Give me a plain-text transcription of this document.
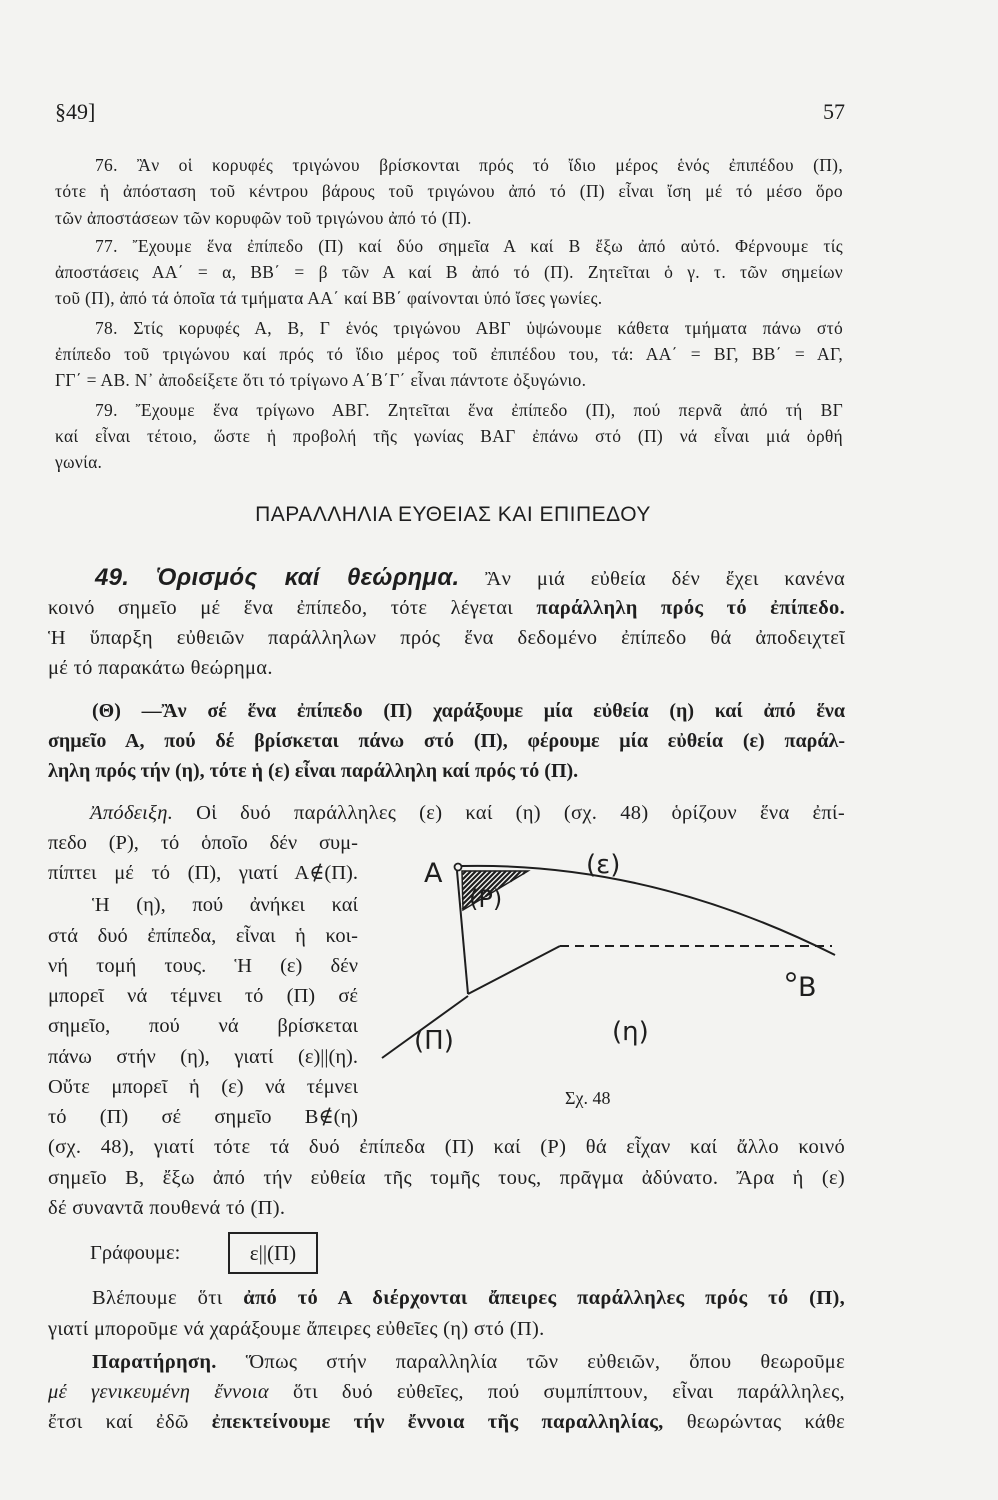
§49]	57
76. Ἂν οἱ κορυφές τριγώνου βρίσκονται πρός τό ἴδιο μέρος ἑνός ἐπιπέδου (Π),
τότε ἡ ἀπόσταση τοῦ κέντρου βάρους τοῦ τριγώνου ἀπό τό (Π) εἶναι ἴση μέ τό μέσο ὅρο
τῶν ἀποστάσεων τῶν κορυφῶν τοῦ τριγώνου ἀπό τό (Π).
77. Ἔχουμε ἕνα ἐπίπεδο (Π) καί δύο σημεῖα Α καί Β ἔξω ἀπό αὐτό. Φέρνουμε τίς
ἀποστάσεις ΑΑ΄ = α, ΒΒ΄ = β τῶν Α καί Β ἀπό τό (Π). Ζητεῖται ὁ γ. τ. τῶν σημείων
τοῦ (Π), ἀπό τά ὁποῖα τά τμήματα ΑΑ΄ καί ΒΒ΄ φαίνονται ὑπό ἴσες γωνίες.
78. Στίς κορυφές Α, Β, Γ ἑνός τριγώνου ΑΒΓ ὑψώνουμε κάθετα τμήματα πάνω στό
ἐπίπεδο τοῦ τριγώνου καί πρός τό ἴδιο μέρος τοῦ ἐπιπέδου του, τά: ΑΑ΄ = ΒΓ, ΒΒ΄ = ΑΓ,
ΓΓ΄ = ΑΒ. Ν᾿ ἀποδείξετε ὅτι τό τρίγωνο Α΄Β΄Γ΄ εἶναι πάντοτε ὀξυγώνιο.
79. Ἔχουμε ἕνα τρίγωνο ΑΒΓ. Ζητεῖται ἕνα ἐπίπεδο (Π), πού περνᾶ ἀπό τή ΒΓ
καί εἶναι τέτοιο, ὥστε ἡ προβολή τῆς γωνίας ΒΑΓ ἐπάνω στό (Π) νά εἶναι μιά ὀρθή
γωνία.
ΠΑΡΑΛΛΗΛΙΑ ΕΥΘΕΙΑΣ ΚΑΙ ΕΠΙΠΕΔΟΥ
49. Ὁρισμός καί θεώρημα. Ἂν μιά εὐθεία δέν ἔχει κανένα
κοινό σημεῖο μέ ἕνα ἐπίπεδο, τότε λέγεται παράλληλη πρός τό ἐπίπεδο.
Ἡ ὕπαρξη εὐθειῶν παράλληλων πρός ἕνα δεδομένο ἐπίπεδο θά ἀποδειχτεῖ
μέ τό παρακάτω θεώρημα.
(Θ) —Ἂν σέ ἕνα ἐπίπεδο (Π) χαράξουμε μία εὐθεία (η) καί ἀπό ἕνα
σημεῖο Α, πού δέ βρίσκεται πάνω στό (Π), φέρουμε μία εὐθεία (ε) παράλ-
ληλη πρός τήν (η), τότε ἡ (ε) εἶναι παράλληλη καί πρός τό (Π).
Ἀπόδειξη. Οἱ δυό παράλληλες (ε) καί (η) (σχ. 48) ὁρίζουν ἕνα ἐπί-
πεδο (Ρ), τό ὁποῖο δέν συμ-
πίπτει μέ τό (Π), γιατί Α∉(Π).
Ἡ (η), πού ἀνήκει καί
στά δυό ἐπίπεδα, εἶναι ἡ κοι-
νή τομή τους. Ἡ (ε) δέν
μπορεῖ νά τέμνει τό (Π) σέ
σημεῖο, πού νά βρίσκεται
πάνω στήν (η), γιατί (ε)||(η).
Οὔτε μπορεῖ ἡ (ε) νά τέμνει
τό (Π) σέ σημεῖο Β∉(η)
(σχ. 48), γιατί τότε τά δυό ἐπίπεδα (Π) καί (Ρ) θά εἶχαν καί ἄλλο κοινό
σημεῖο Β, ἔξω ἀπό τήν εὐθεία τῆς τομῆς τους, πρᾶγμα ἀδύνατο. Ἄρα ἡ (ε)
δέ συναντᾶ πουθενά τό (Π).
Γράφουμε:	ε||(Π)
Βλέπουμε ὅτι ἀπό τό Α διέρχονται ἄπειρες παράλληλες πρός τό (Π),
γιατί μποροῦμε νά χαράξουμε ἄπειρες εὐθεῖες (η) στό (Π).
Παρατήρηση. Ὅπως στήν παραλληλία τῶν εὐθειῶν, ὅπου θεωροῦμε
μέ γενικευμένη ἔννοια ὅτι δυό εὐθεῖες, πού συμπίπτουν, εἶναι παράλληλες,
ἔτσι καί ἐδῶ ἐπεκτείνουμε τήν ἔννοια τῆς παραλληλίας, θεωρώντας κάθε
Α	(ε)
(Ρ)
Β
(Π)	(η)
Σχ. 48
